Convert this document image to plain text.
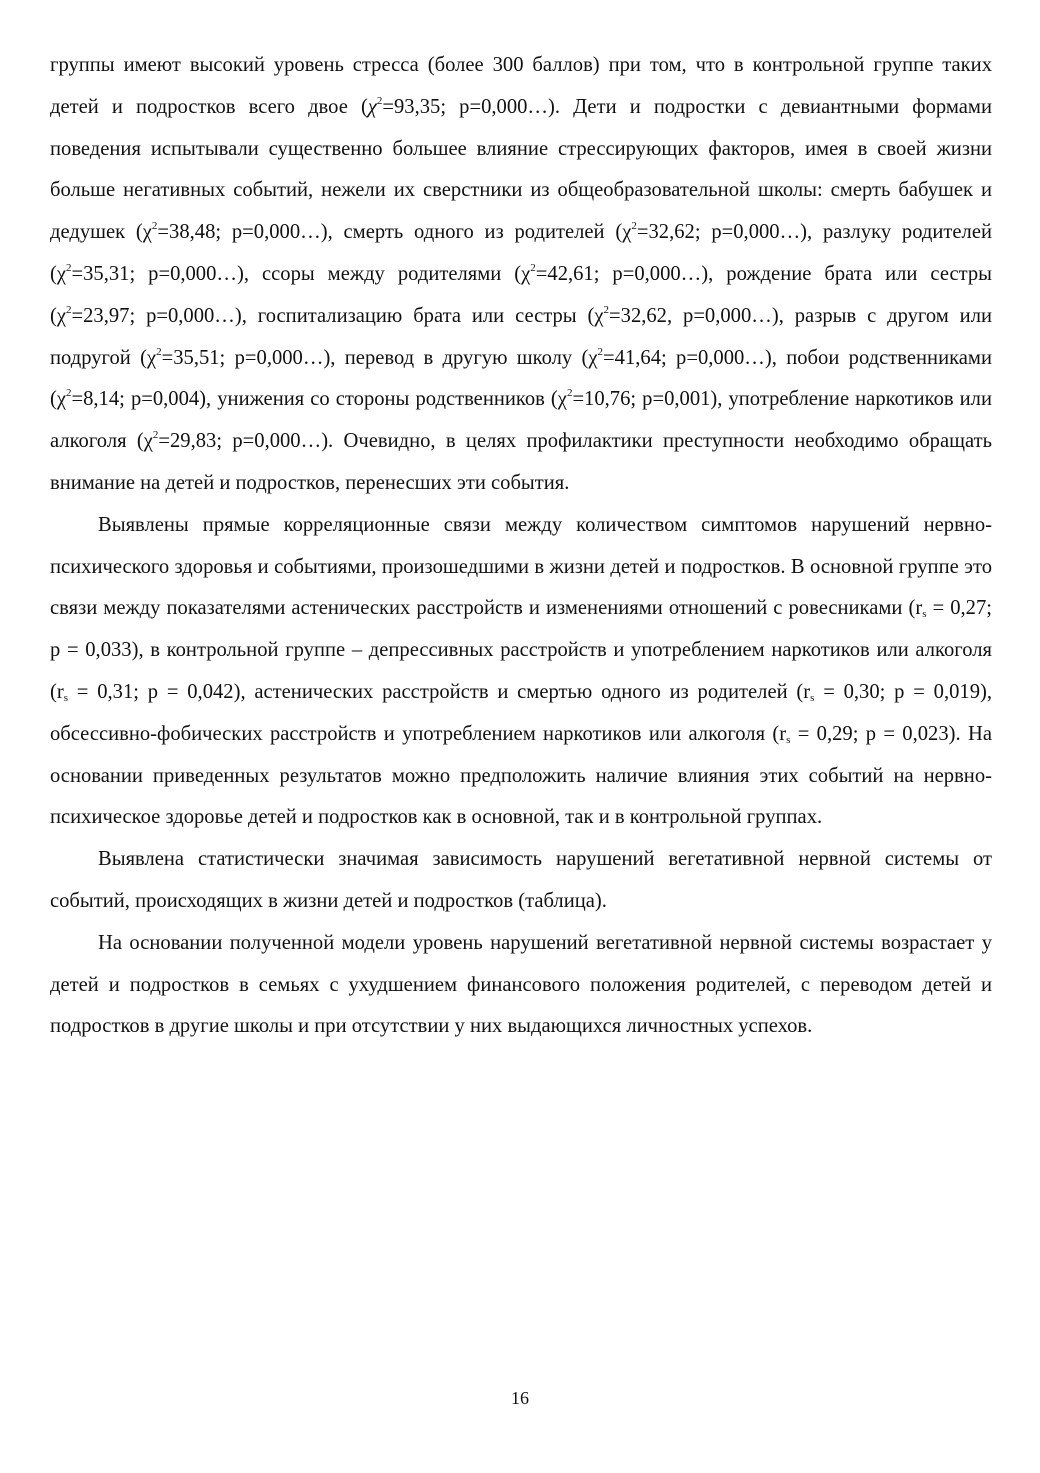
группы имеют высокий уровень стресса (более 300 баллов) при том, что в контрольной группе таких детей и подростков всего двое ($\chi^2=93,35$; p=0,000…). Дети и подростки с девиантными формами поведения испытывали существенно большее влияние стрессирующих факторов, имея в своей жизни больше негативных событий, нежели их сверстники из общеобразовательной школы: смерть бабушек и дедушек ($\chi^2=38,48$; p=0,000…), смерть одного из родителей ($\chi^2=32,62$; p=0,000…), разлуку родителей ($\chi^2=35,31$; p=0,000…), ссоры между родителями ($\chi^2=42,61$; p=0,000…), рождение брата или сестры ($\chi^2=23,97$; p=0,000…), госпитализацию брата или сестры ($\chi^2=32,62$, p=0,000…), разрыв с другом или подругой ($\chi^2=35,51$; p=0,000…), перевод в другую школу ($\chi^2=41,64$; p=0,000…), побои родственниками ($\chi^2=8,14$; p=0,004), унижения со стороны родственников ($\chi^2=10,76$; p=0,001), употребление наркотиков или алкоголя ($\chi^2=29,83$; p=0,000…). Очевидно, в целях профилактики преступности необходимо обращать внимание на детей и подростков, перенесших эти события.

Выявлены прямые корреляционные связи между количеством симптомов нарушений нервно-психического здоровья и событиями, произошедшими в жизни детей и подростков. В основной группе это связи между показателями астенических расстройств и изменениями отношений с ровесниками ($r_s = 0,27$; p = 0,033), в контрольной группе – депрессивных расстройств и употреблением наркотиков или алкоголя ($r_s = 0,31$; p = 0,042), астенических расстройств и смертью одного из родителей ($r_s = 0,30$; p = 0,019), обсессивно-фобических расстройств и употреблением наркотиков или алкоголя ($r_s = 0,29$; p = 0,023). На основании приведенных результатов можно предположить наличие влияния этих событий на нервно-психическое здоровье детей и подростков как в основной, так и в контрольной группах.

Выявлена статистически значимая зависимость нарушений вегетативной нервной системы от событий, происходящих в жизни детей и подростков (таблица).

На основании полученной модели уровень нарушений вегетативной нервной системы возрастает у детей и подростков в семьях с ухудшением финансового положения родителей, с переводом детей и подростков в другие школы и при отсутствии у них выдающихся личностных успехов.

16
